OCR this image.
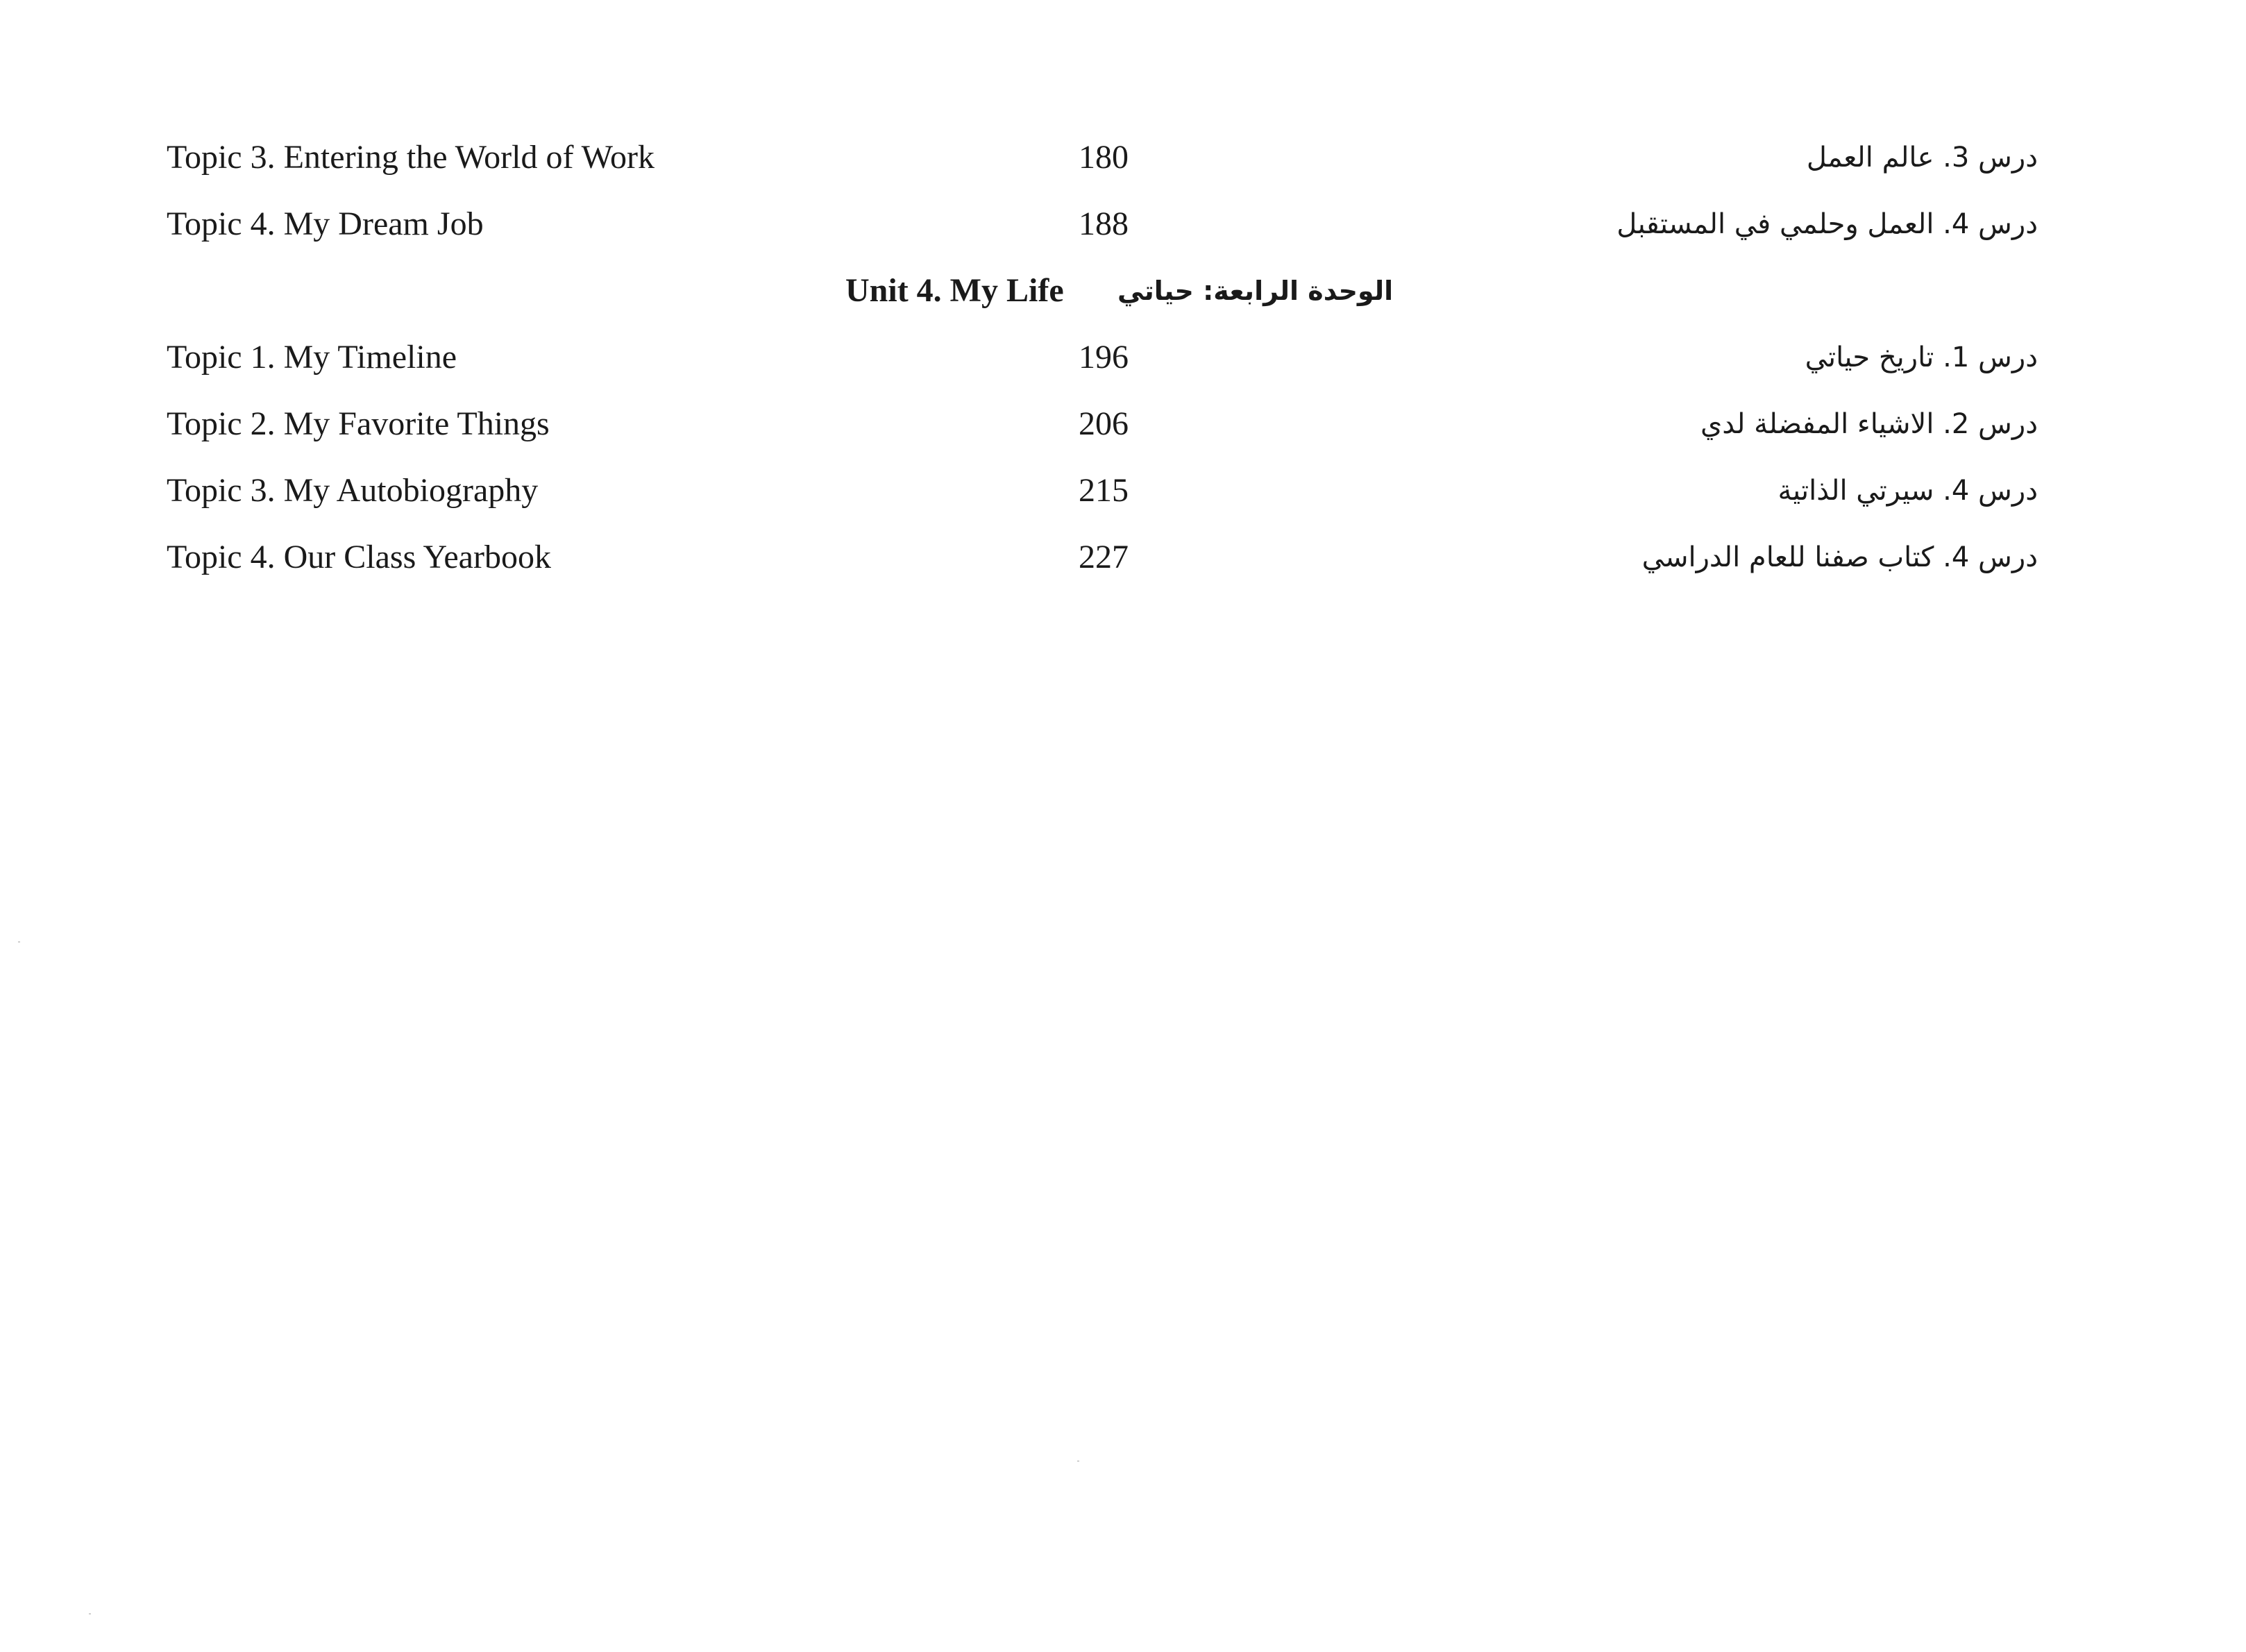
Topic 3. Entering the World of Work	180	درس 3. عالم العمل
Topic 4. My Dream Job	188	درس 4. العمل وحلمي في المستقبل
Unit 4. My Life الوحدة الرابعة: حياتي
Topic 1. My Timeline	196	درس 1. تاريخ حياتي
Topic 2. My Favorite Things	206	درس 2. الاشياء المفضلة لدي
Topic 3. My Autobiography	215	درس 4. سيرتي الذاتية
Topic 4. Our Class Yearbook	227	درس 4. كتاب صفنا للعام الدراسي
